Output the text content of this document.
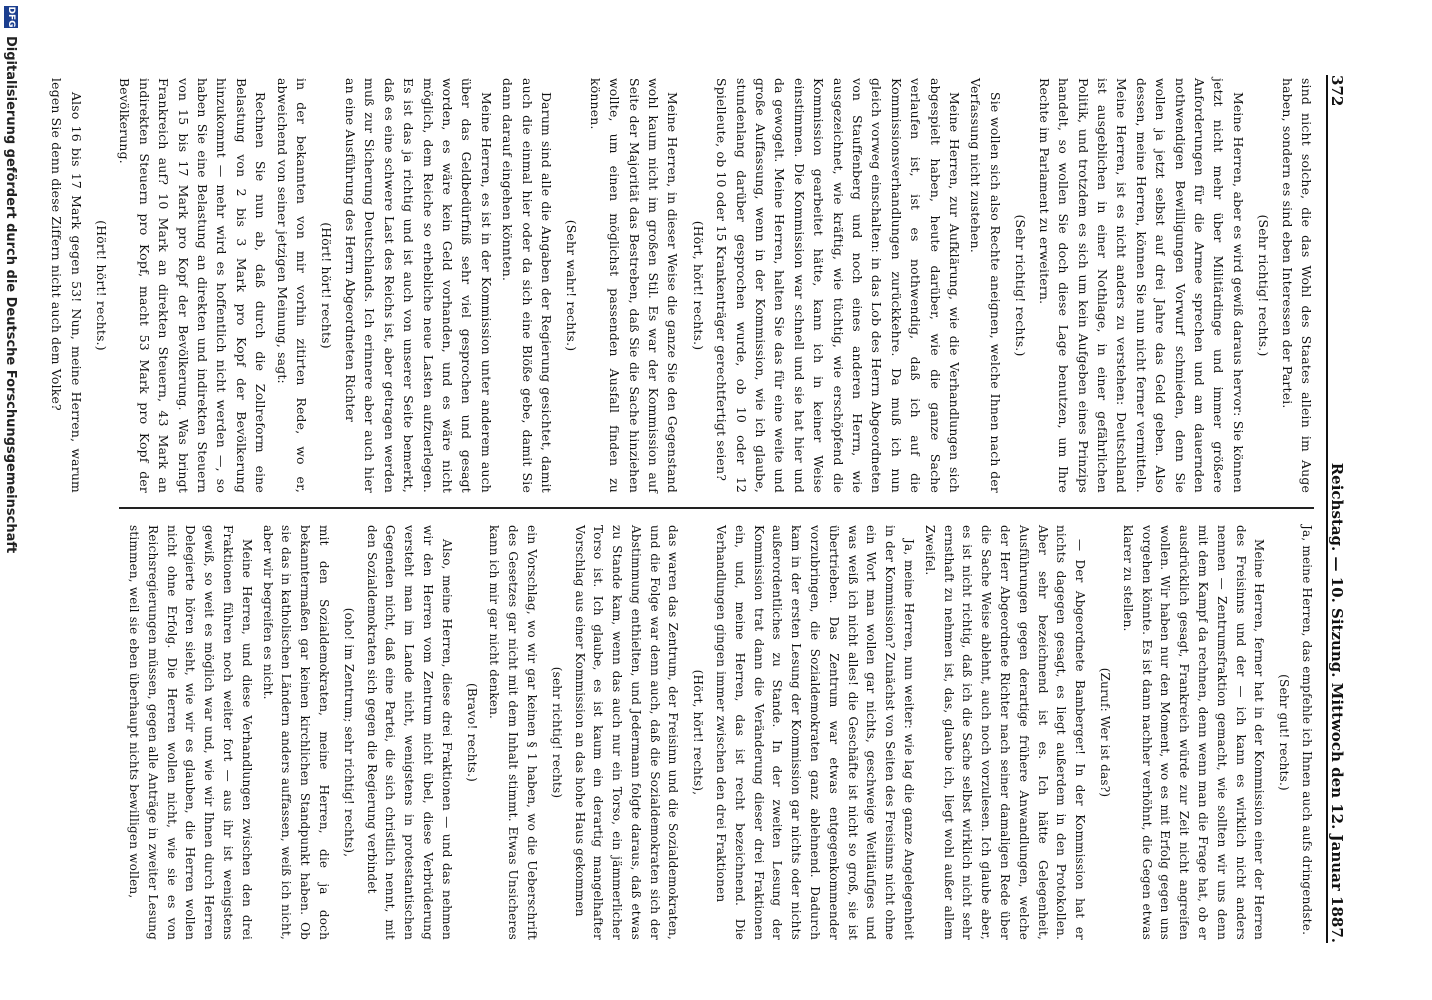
372
Reichstag. — 10. Sitzung. Mittwoch den 12. Januar 1887.

sind nicht solche, die das Wohl des Staates allein im Auge haben, sondern es sind eben Interessen der Partei.

(Sehr richtig! rechts.)

Meine Herren, aber es wird gewiß daraus hervor: Sie können jetzt nicht mehr über Militärdinge und immer größere Anforderungen für die Armee sprechen und am dauernden nothwendigen Bewilligungen Vorwurf schmieden, denn Sie wollen ja jetzt selbst auf drei Jahre das Geld geben. Also dessen, meine Herren, können Sie nun nicht ferner vermitteln. Meine Herren, ist es nicht anders zu verstehen: Deutschland ist ausgeblichen in einer Nothlage, in einer gefährlichen Politik, und trotzdem es sich um kein Aufgeben eines Prinzips handelt, so wollen Sie doch diese Lage benutzen, um Ihre Rechte im Parlament zu erweitern.

(Sehr richtig! rechts.)

Sie wollen sich also Rechte aneignen, welche Ihnen nach der Verfassung nicht zustehen.

Meine Herren, zur Aufklärung, wie die Verhandlungen sich abgespielt haben, heute darüber, wie die ganze Sache verlaufen ist, ist es nothwendig, daß ich auf die Kommissionsverhandlungen zurückkehre. Da muß ich nun gleich vorweg einschalten: in das Lob des Herrn Abgeordneten von Stauffenberg und noch eines anderen Herrn, wie ausgezeichnet, wie kräftig, wie tüchtig, wie erschöpfend die Kommission gearbeitet hätte, kann ich in keiner Weise einstimmen. Die Kommission war schnell und sie hat hier und da gewogelt. Meine Herren, halten Sie das für eine weite und große Auffassung, wenn in der Kommission, wie ich glaube, stundenlang darüber gesprochen wurde, ob 10 oder 12 Spielleute, ob 10 oder 15 Krankenträger gerechtfertigt seien?

(Hört, hört! rechts.)

Meine Herren, in dieser Weise die ganze Sie den Gegenstand wohl kaum nicht im großen Stil. Es war der Kommission auf Seite der Majorität das Bestreben, daß Sie die Sache hinziehen wollte, um einen möglichst passenden Ausfall finden zu können.

(Sehr wahr! rechts.)

Darum sind alle die Angaben der Regierung gesichtet, damit auch die einmal hier oder da sich eine Blöße gebe, damit Sie dann darauf eingehen könnten.

Meine Herren, es ist in der Kommission unter anderem auch über das Geldbedürfniß sehr viel gesprochen und gesagt worden, es wäre kein Geld vorhanden, und es wäre nicht möglich, dem Reiche so erhebliche neue Lasten aufzuerlegen. Es ist das ja richtig und ist auch von unserer Seite bemerkt, daß es eine schwere Last des Reichs ist, aber getragen werden muß zur Sicherung Deutschlands. Ich erinnere aber auch hier an eine Ausführung des Herrn Abgeordneten Richter

(Hört! hört! rechts)

in der bekannten von mir vorhin zitirten Rede, wo er, abweichend von seiner jetzigen Meinung, sagt:

Rechnen Sie nun ab, daß durch die Zollreform eine Belastung von 2 bis 3 Mark pro Kopf der Bevölkerung hinzukommt — mehr wird es hoffentlich nicht werden —, so haben Sie eine Belastung an direkten und indirekten Steuern von 15 bis 17 Mark pro Kopf der Bevölkerung. Was bringt Frankreich auf? 10 Mark an direkten Steuern, 43 Mark an indirekten Steuern pro Kopf, macht 53 Mark pro Kopf der Bevölkerung.

(Hört! hört! rechts.)

Also 16 bis 17 Mark gegen 53! Nun, meine Herren, warum legen Sie denn diese Ziffern nicht auch dem Volke?

Ja, meine Herren, das empfehle ich Ihnen auch aufs dringendste.

(Sehr gut! rechts.)

Meine Herren, ferner hat in der Kommission einer der Herren des Freisinns und der — ich kann es wirklich nicht anders nennen — Zentrumsfraktion gemacht, wie sollten wir uns denn mit dem Kampf da rechnen, denn wenn man die Frage hat, ob er ausdrücklich gesagt, Frankreich würde zur Zeit nicht angreifen wollen. Wir haben nur den Moment, wo es mit Erfolg gegen uns vorgehen könnte. Es ist dann nachher verhöhnt, die Gegen etwas klarer zu stellen.

(Zuruf: Wer ist das?)

— Der Abgeordnete Bamberger! In der Kommission hat er nichts dagegen gesagt, es liegt außerdem in den Protokollen. Aber sehr bezeichnend ist es. Ich hätte Gelegenheit, Ausführungen gegen derartige frühere Anwandlungen, welche der Herr Abgeordnete Richter nach seiner damaligen Rede über die Sache Weise ablehnt, auch noch vorzulesen. Ich glaube aber, es ist nicht richtig, daß ich die Sache selbst wirklich nicht sehr ernsthaft zu nehmen ist, das, glaube ich, liegt wohl außer allem Zweifel.

Ja, meine Herren, nun weiter: wie lag die ganze Angelegenheit in der Kommission? Zunächst von Seiten des Freisinns nicht ohne ein Wort man wollen gar nichts, geschweige Weitläufiges und was weiß ich nicht alles! die Geschäfte ist nicht so groß, sie ist übertrieben. Das Zentrum war etwas entgegenkommender vorzubringen, die Sozialdemokraten ganz ablehnend. Dadurch kam in der ersten Lesung der Kommission gar nichts oder nichts außerordentliches zu Stande. In der zweiten Lesung der Kommission trat dann die Veränderung dieser drei Fraktionen ein, und, meine Herren, das ist recht bezeichnend. Die Verhandlungen gingen immer zwischen den drei Fraktionen

(Hört, hört! rechts),

das waren das Zentrum, der Freisinn und die Sozialdemokraten, und die Folge war denn auch, daß die Sozialdemokraten sich der Abstimmung enthielten, und Jedermann folgte daraus, daß etwas zu Stande kam, wenn das auch nur ein Torso, ein jämmerlicher Torso ist. Ich glaube, es ist kaum ein derartig mangelhafter Vorschlag aus einer Kommission an das hohe Haus gekommen

(sehr richtig! rechts)

ein Vorschlag, wo wir gar keinen § 1 haben, wo die Ueberschrift des Gesetzes gar nicht mit dem Inhalt stimmt. Etwas Unsicheres kann ich mir gar nicht denken.

(Bravo! rechts.)

Also, meine Herren, diese drei Fraktionen — und das nehmen wir den Herren vom Zentrum nicht übel, diese Verbrüderung versteht man im Lande nicht, wenigstens in protestantischen Gegenden nicht, daß eine Partei, die sich christlich nennt, mit den Sozialdemokraten sich gegen die Regierung verbindet

(oho! im Zentrum; sehr richtig! rechts),

mit den Sozialdemokraten, meine Herren, die ja doch bekanntermaßen gar keinen kirchlichen Standpunkt haben. Ob sie das in katholischen Ländern anders auffassen, weiß ich nicht, aber wir begreifen es nicht.

Meine Herren, und diese Verhandlungen zwischen den drei Fraktionen führen noch weiter fort — aus ihr ist wenigstens gewiß, so weit es möglich war und, wie wir Ihnen durch Herren Delegierte hören sieht, wie wir es glauben, die Herren wollen nicht ohne Erfolg. Die Herren wollen nicht, wie sie es von Reichsregierungen müssen, gegen alle Anträge in zweiter Lesung stimmen, weil sie eben überhaupt nichts bewilligen wollen,

DFG
Digitalisierung gefördert durch die Deutsche Forschungsgemeinschaft
